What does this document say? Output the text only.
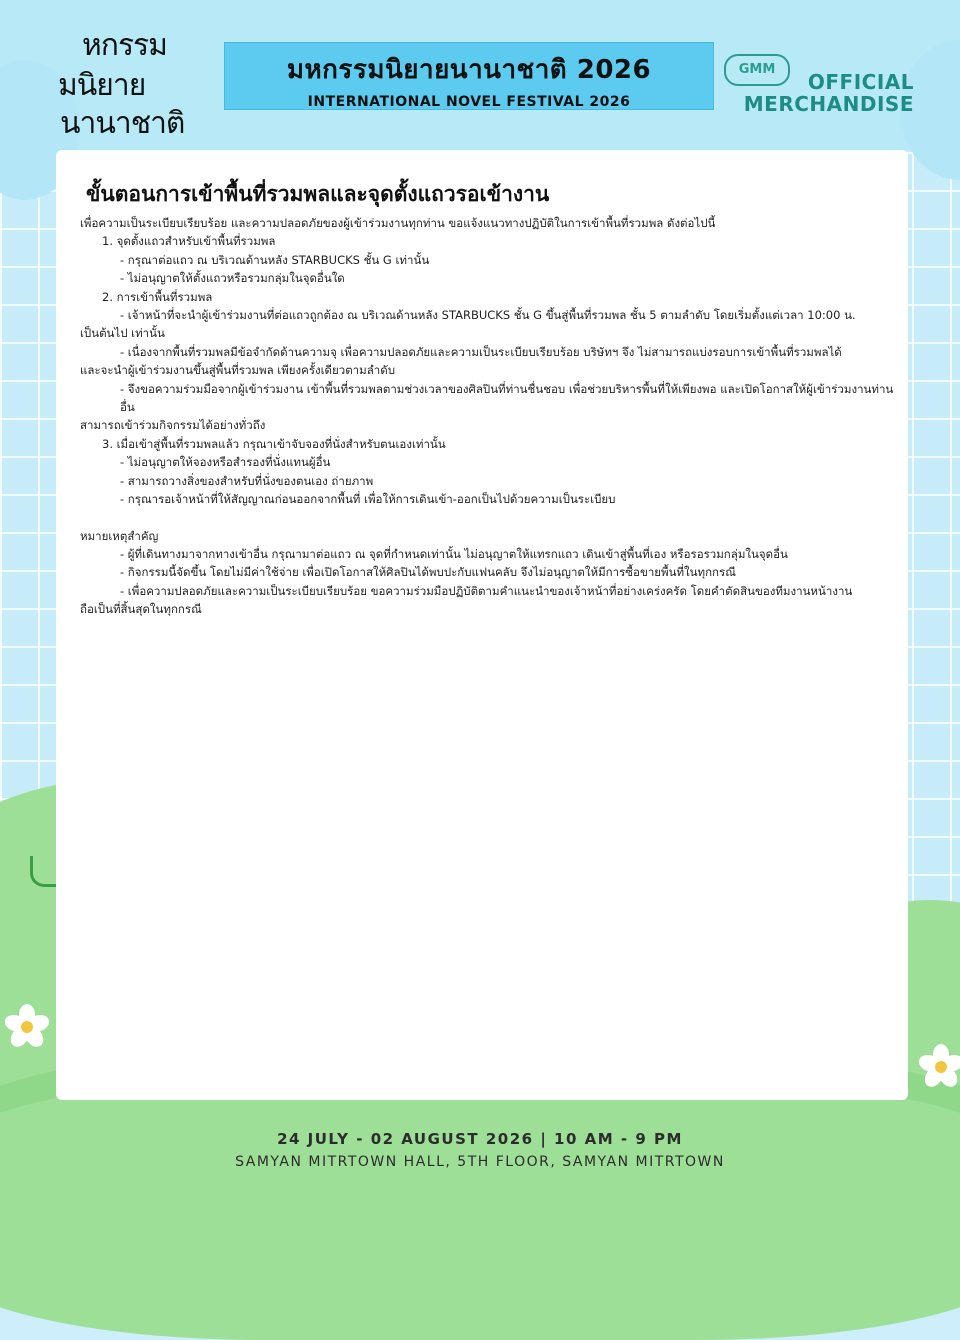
หกรรม
มนิยาย
นานาชาติ
มหกรรมนิยายนานาชาติ 2026
INTERNATIONAL NOVEL FESTIVAL 2026
GMM
OFFICIAL
MERCHANDISE
ขั้นตอนการเข้าพื้นที่รวมพลและจุดตั้งแถวรอเข้างาน
เพื่อความเป็นระเบียบเรียบร้อย และความปลอดภัยของผู้เข้าร่วมงานทุกท่าน ขอแจ้งแนวทางปฏิบัติในการเข้าพื้นที่รวมพล ดังต่อไปนี้
1. จุดตั้งแถวสำหรับเข้าพื้นที่รวมพล
- กรุณาต่อแถว ณ บริเวณด้านหลัง STARBUCKS ชั้น G เท่านั้น
- ไม่อนุญาตให้ตั้งแถวหรือรวมกลุ่มในจุดอื่นใด
2. การเข้าพื้นที่รวมพล
- เจ้าหน้าที่จะนำผู้เข้าร่วมงานที่ต่อแถวถูกต้อง ณ บริเวณด้านหลัง STARBUCKS ชั้น G ขึ้นสู่พื้นที่รวมพล ชั้น 5 ตามลำดับ โดยเริ่มตั้งแต่เวลา 10:00 น.
เป็นต้นไป เท่านั้น
- เนื่องจากพื้นที่รวมพลมีข้อจำกัดด้านความจุ เพื่อความปลอดภัยและความเป็นระเบียบเรียบร้อย บริษัทฯ จึง ไม่สามารถแบ่งรอบการเข้าพื้นที่รวมพลได้
และจะนำผู้เข้าร่วมงานขึ้นสู่พื้นที่รวมพล เพียงครั้งเดียวตามลำดับ
- จึงขอความร่วมมือจากผู้เข้าร่วมงาน เข้าพื้นที่รวมพลตามช่วงเวลาของศิลปินที่ท่านชื่นชอบ เพื่อช่วยบริหารพื้นที่ให้เพียงพอ และเปิดโอกาสให้ผู้เข้าร่วมงานท่านอื่น
สามารถเข้าร่วมกิจกรรมได้อย่างทั่วถึง
3. เมื่อเข้าสู่พื้นที่รวมพลแล้ว กรุณาเข้าจับจองที่นั่งสำหรับตนเองเท่านั้น
- ไม่อนุญาตให้จองหรือสำรองที่นั่งแทนผู้อื่น
- สามารถวางสิ่งของสำหรับที่นั่งของตนเอง ถ่ายภาพ
- กรุณารอเจ้าหน้าที่ให้สัญญาณก่อนออกจากพื้นที่ เพื่อให้การเดินเข้า-ออกเป็นไปด้วยความเป็นระเบียบ
หมายเหตุสำคัญ
- ผู้ที่เดินทางมาจากทางเข้าอื่น กรุณามาต่อแถว ณ จุดที่กำหนดเท่านั้น ไม่อนุญาตให้แทรกแถว เดินเข้าสู่พื้นที่เอง หรือรอรวมกลุ่มในจุดอื่น
- กิจกรรมนี้จัดขึ้น โดยไม่มีค่าใช้จ่าย เพื่อเปิดโอกาสให้ศิลปินได้พบปะกับแฟนคลับ จึงไม่อนุญาตให้มีการซื้อขายพื้นที่ในทุกกรณี
- เพื่อความปลอดภัยและความเป็นระเบียบเรียบร้อย ขอความร่วมมือปฏิบัติตามคำแนะนำของเจ้าหน้าที่อย่างเคร่งครัด โดยคำตัดสินของทีมงานหน้างาน
ถือเป็นที่สิ้นสุดในทุกกรณี
24 JULY - 02 AUGUST 2026 | 10 AM - 9 PM
SAMYAN MITRTOWN HALL, 5TH FLOOR, SAMYAN MITRTOWN
